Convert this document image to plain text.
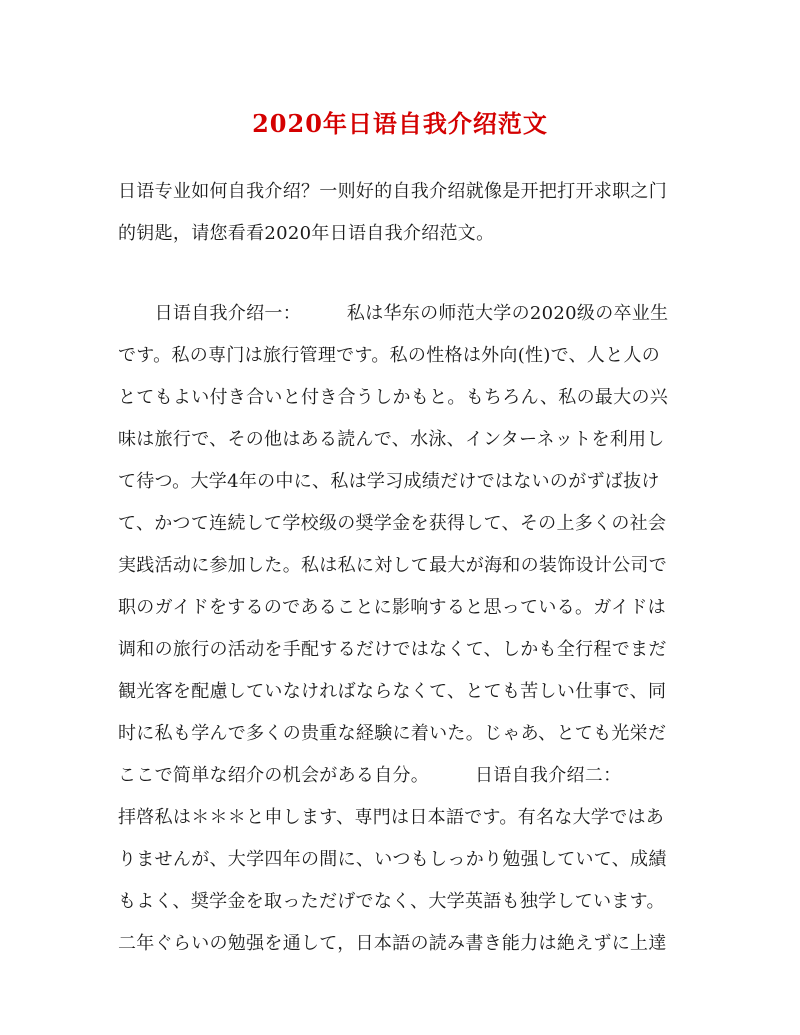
2020年日语自我介绍范文
日语专业如何自我介绍？一则好的自我介绍就像是开把打开求职之门
的钥匙，请您看看2020年日语自我介绍范文。
　　日语自我介绍一：　　　私は华东の师范大学の2020级の卒业生
です。私の専门は旅行管理です。私の性格は外向(性)で、人と人の
とてもよい付き合いと付き合うしかもと。もちろん、私の最大の兴
味は旅行で、その他はある読んで、水泳、インターネットを利用し
て待つ。大学4年の中に、私は学习成绩だけではないのがずば抜け
て、かつて连続して学校级の奨学金を获得して、その上多くの社会
実践活动に参加した。私は私に対して最大が海和の装饰设计公司で
职のガイドをするのであることに影响すると思っている。ガイドは
调和の旅行の活动を手配するだけではなくて、しかも全行程でまだ
観光客を配慮していなければならなくて、とても苦しい仕事で、同
时に私も学んで多くの贵重な経験に着いた。じゃあ、とても光栄だ
ここで简単な绍介の机会がある自分。　　　日语自我介绍二：
拝啓私は＊＊＊と申します、専門は日本語です。有名な大学ではあ
りませんが、大学四年の間に、いつもしっかり勉强していて、成績
もよく、奨学金を取っただげでなく、大学英語も独学しています。
二年ぐらいの勉强を通して，日本語の読み書き能力は絶えずに上達
